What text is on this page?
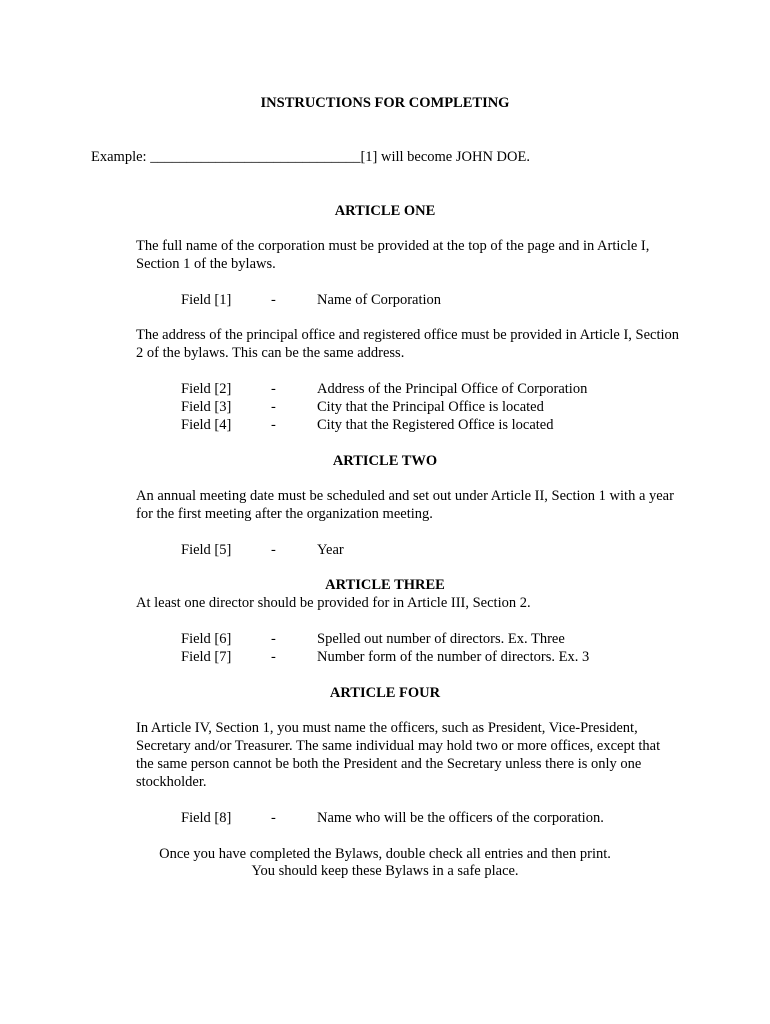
INSTRUCTIONS FOR COMPLETING
Example: _____________________________[1] will become JOHN DOE.
ARTICLE ONE
The full name of the corporation must be provided at the top of the page and in Article I, Section 1 of the bylaws.
Field [1]	-	Name of Corporation
The address of the principal office and registered office must be provided in Article I, Section 2 of the bylaws. This can be the same address.
Field [2]	-	Address of the Principal Office of Corporation
Field [3]	-	City that the Principal Office is located
Field [4]	-	City that the Registered Office is located
ARTICLE TWO
An annual meeting date must be scheduled and set out under Article II, Section 1 with a year for the first meeting after the organization meeting.
Field [5]	-	Year
ARTICLE THREE
At least one director should be provided for in Article III, Section 2.
Field [6]	-	Spelled out number of directors. Ex. Three
Field [7]	-	Number form of the number of directors. Ex. 3
ARTICLE FOUR
In Article IV, Section 1, you must name the officers, such as President, Vice-President, Secretary and/or Treasurer. The same individual may hold two or more offices, except that the same person cannot be both the President and the Secretary unless there is only one stockholder.
Field [8]	-	Name who will be the officers of the corporation.
Once you have completed the Bylaws, double check all entries and then print.
You should keep these Bylaws in a safe place.
